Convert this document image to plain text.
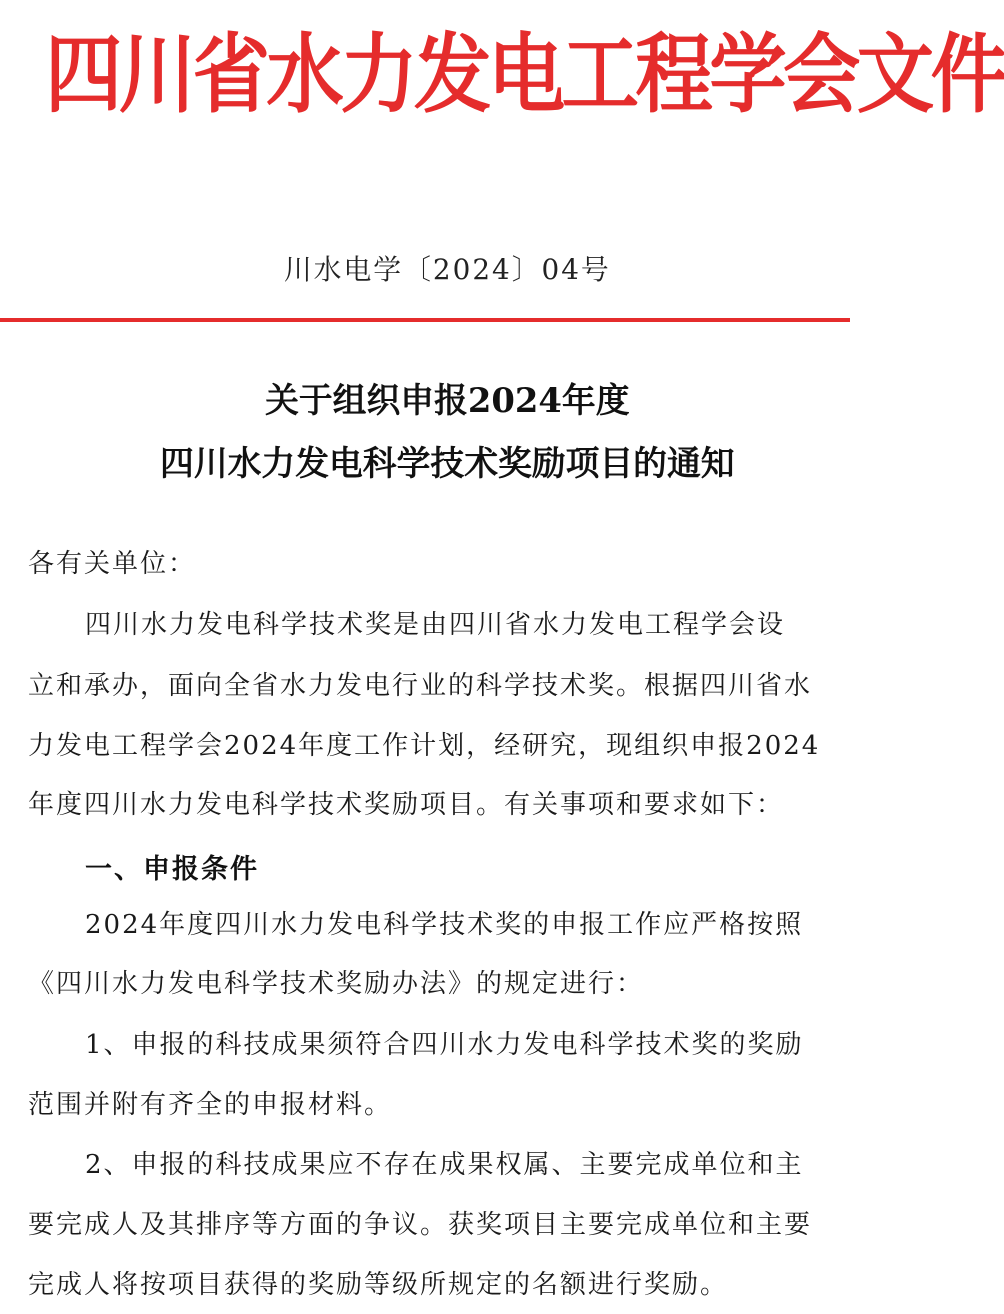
四川省水力发电工程学会文件
川水电学〔2024〕04号
关于组织申报2024年度
四川水力发电科学技术奖励项目的通知
各有关单位：
四川水力发电科学技术奖是由四川省水力发电工程学会设
立和承办，面向全省水力发电行业的科学技术奖。根据四川省水
力发电工程学会2024年度工作计划，经研究，现组织申报2024
年度四川水力发电科学技术奖励项目。有关事项和要求如下：
一、申报条件
2024年度四川水力发电科学技术奖的申报工作应严格按照
《四川水力发电科学技术奖励办法》的规定进行：
1、申报的科技成果须符合四川水力发电科学技术奖的奖励
范围并附有齐全的申报材料。
2、申报的科技成果应不存在成果权属、主要完成单位和主
要完成人及其排序等方面的争议。获奖项目主要完成单位和主要
完成人将按项目获得的奖励等级所规定的名额进行奖励。
